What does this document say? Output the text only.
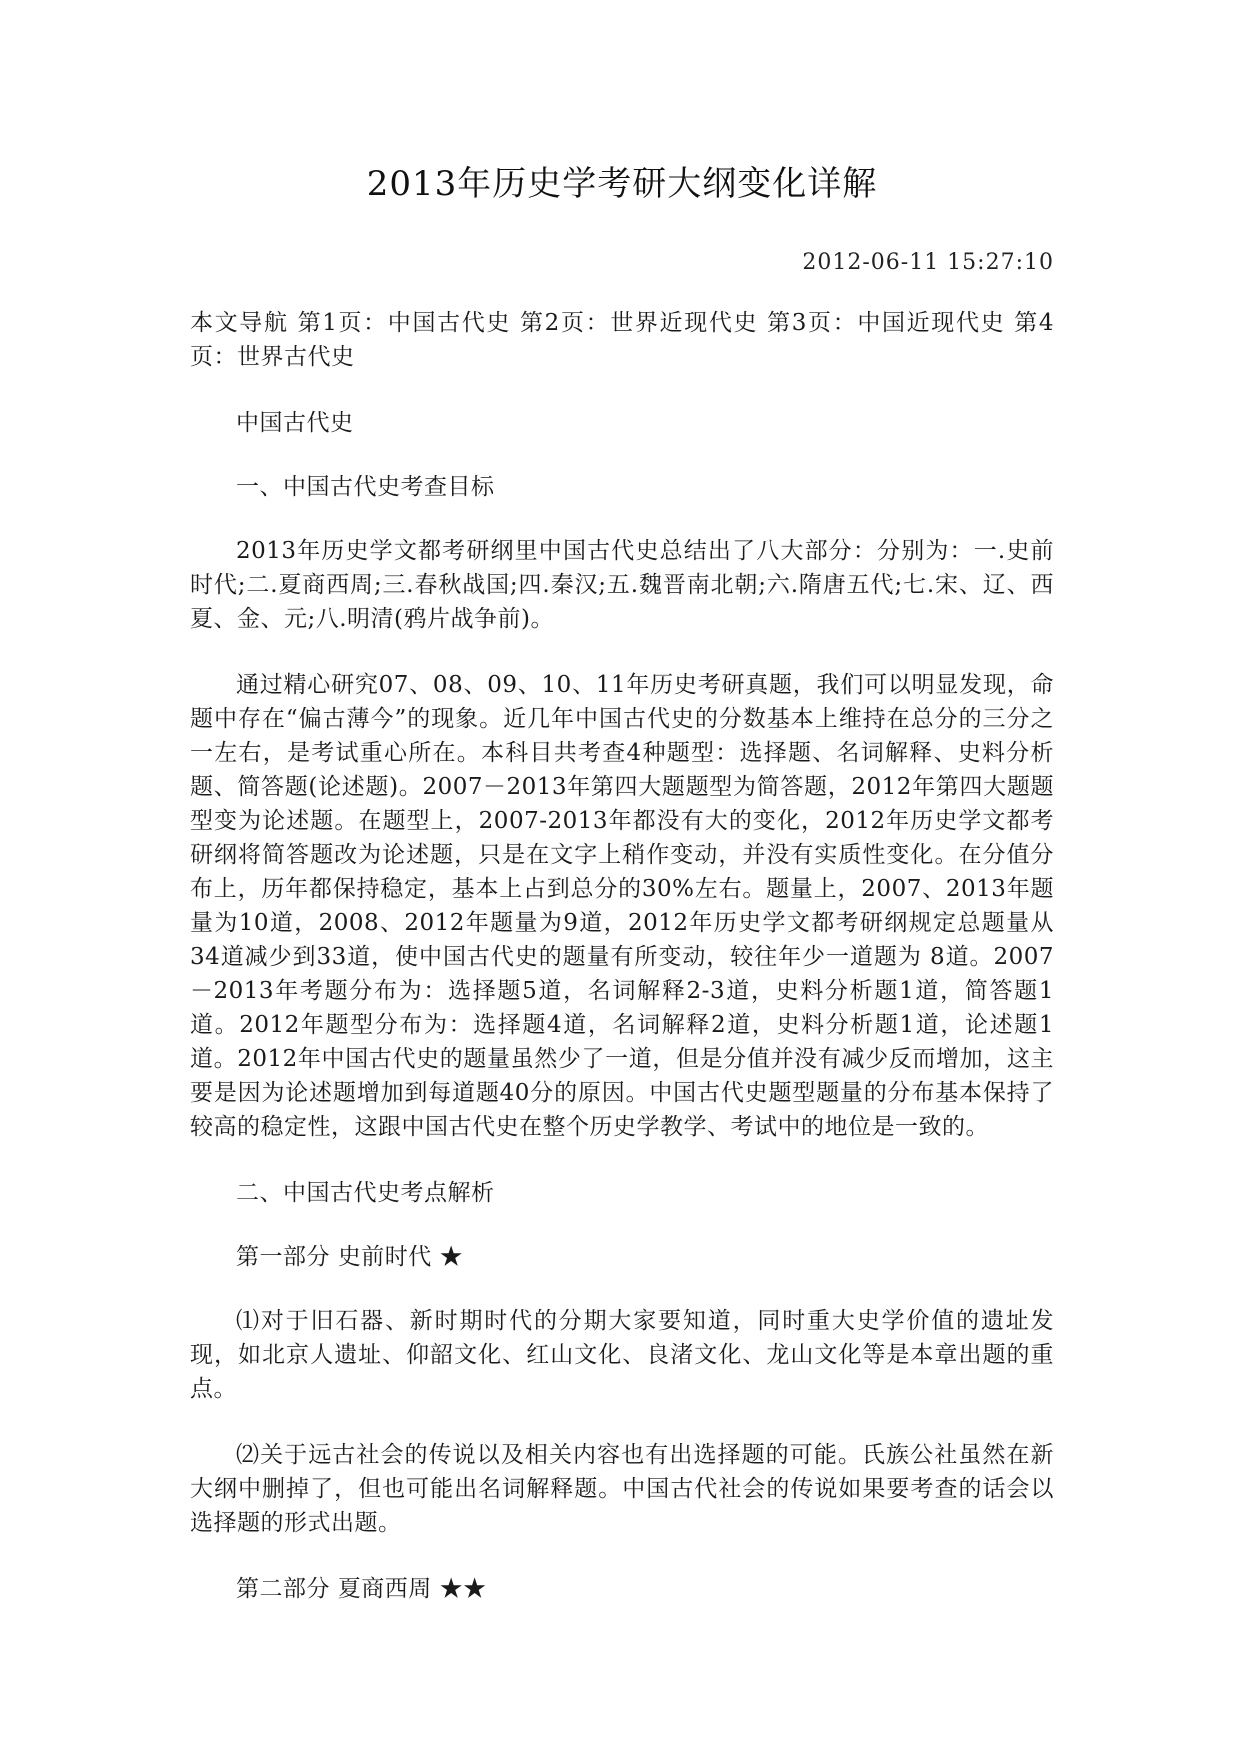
2013年历史学考研大纲变化详解
2012-06-11 15:27:10

本文导航 第1页：中国古代史 第2页：世界近现代史 第3页：中国近现代史 第4页：世界古代史

中国古代史

一、中国古代史考查目标

2013年历史学文都考研纲里中国古代史总结出了八大部分：分别为：一.史前时代;二.夏商西周;三.春秋战国;四.秦汉;五.魏晋南北朝;六.隋唐五代;七.宋、辽、西夏、金、元;八.明清(鸦片战争前)。

通过精心研究07、08、09、10、11年历史考研真题，我们可以明显发现，命题中存在“偏古薄今”的现象。近几年中国古代史的分数基本上维持在总分的三分之一左右，是考试重心所在。本科目共考查4种题型：选择题、名词解释、史料分析题、简答题(论述题)。2007－2013年第四大题题型为简答题，2012年第四大题题型变为论述题。在题型上，2007-2013年都没有大的变化，2012年历史学文都考研纲将简答题改为论述题，只是在文字上稍作变动，并没有实质性变化。在分值分布上，历年都保持稳定，基本上占到总分的30%左右。题量上，2007、2013年题量为10道，2008、2012年题量为9道，2012年历史学文都考研纲规定总题量从34道减少到33道，使中国古代史的题量有所变动，较往年少一道题为 8道。2007－2013年考题分布为：选择题5道，名词解释2-3道，史料分析题1道，简答题1道。2012年题型分布为：选择题4道，名词解释2道，史料分析题1道，论述题1道。2012年中国古代史的题量虽然少了一道，但是分值并没有减少反而增加，这主要是因为论述题增加到每道题40分的原因。中国古代史题型题量的分布基本保持了较高的稳定性，这跟中国古代史在整个历史学教学、考试中的地位是一致的。

二、中国古代史考点解析

第一部分 史前时代 ★

⑴对于旧石器、新时期时代的分期大家要知道，同时重大史学价值的遗址发现，如北京人遗址、仰韶文化、红山文化、良渚文化、龙山文化等是本章出题的重点。

⑵关于远古社会的传说以及相关内容也有出选择题的可能。氏族公社虽然在新大纲中删掉了，但也可能出名词解释题。中国古代社会的传说如果要考查的话会以选择题的形式出题。

第二部分 夏商西周 ★★
